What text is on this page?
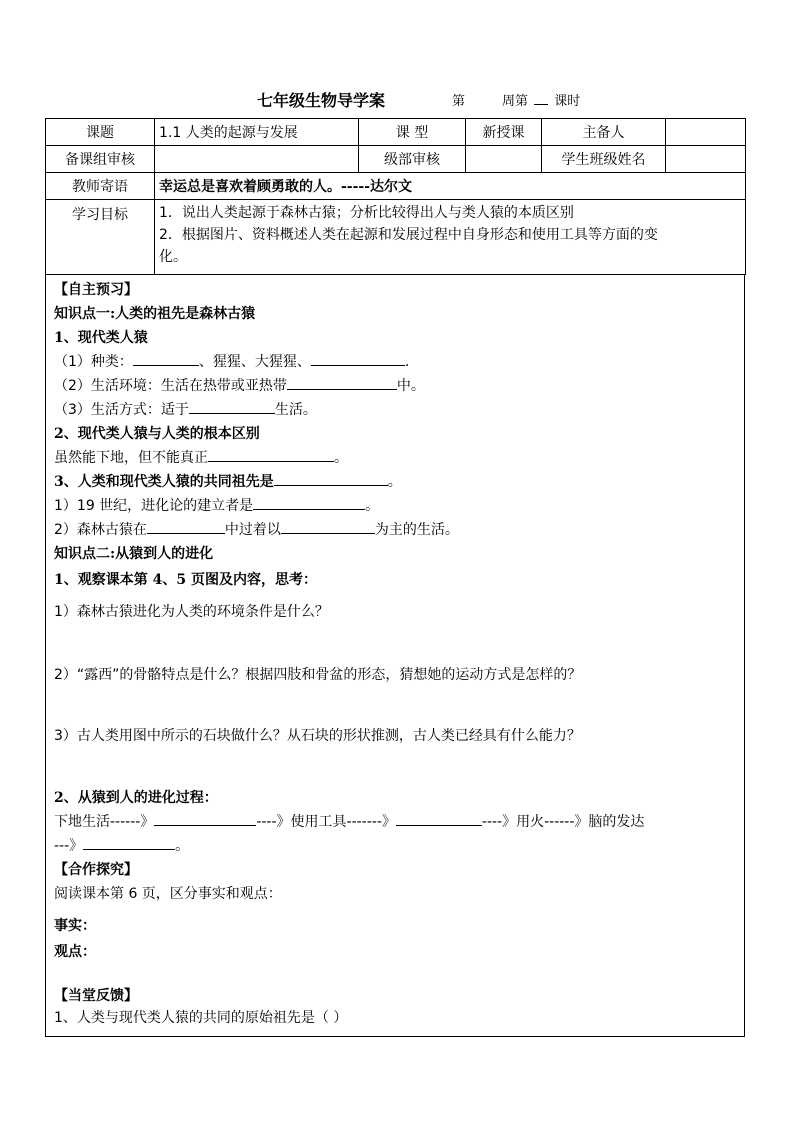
七年级生物导学案	第	周第 课时
课题	1.1 人类的起源与发展	课 型	新授课	主备人	
备课组审核		级部审核		学生班级姓名	
教师寄语	幸运总是喜欢着顾勇敢的人。-----达尔文				
学习目标	1．说出人类起源于森林古猿；分析比较得出人与类人猿的本质区别
2．根据图片、资料概述人类在起源和发展过程中自身形态和使用工具等方面的变
化。				
【自主预习】
知识点一:人类的祖先是森林古猿
1、现代类人猿
（1）种类：	、猩猩、大猩猩、	.
（2）生活环境：生活在热带或亚热带	中。
（3）生活方式：适于	生活。
2、现代类人猿与人类的根本区别
虽然能下地，但不能真正	。
3、人类和现代类人猿的共同祖先是	。
1）19 世纪，进化论的建立者是	。
2）森林古猿在	中过着以	为主的生活。
知识点二:从猿到人的进化
1、观察课本第 4、5 页图及内容，思考：
1）森林古猿进化为人类的环境条件是什么？
2）“露西”的骨骼特点是什么？根据四肢和骨盆的形态，猜想她的运动方式是怎样的？
3）古人类用图中所示的石块做什么？从石块的形状推测，古人类已经具有什么能力？
2、从猿到人的进化过程：
下地生活------》	----》使用工具-------》	----》用火------》脑的发达
---》	。
【合作探究】
阅读课本第 6 页，区分事实和观点：
事实：
观点：
【当堂反馈】
1、人类与现代类人猿的共同的原始祖先是（ ）
